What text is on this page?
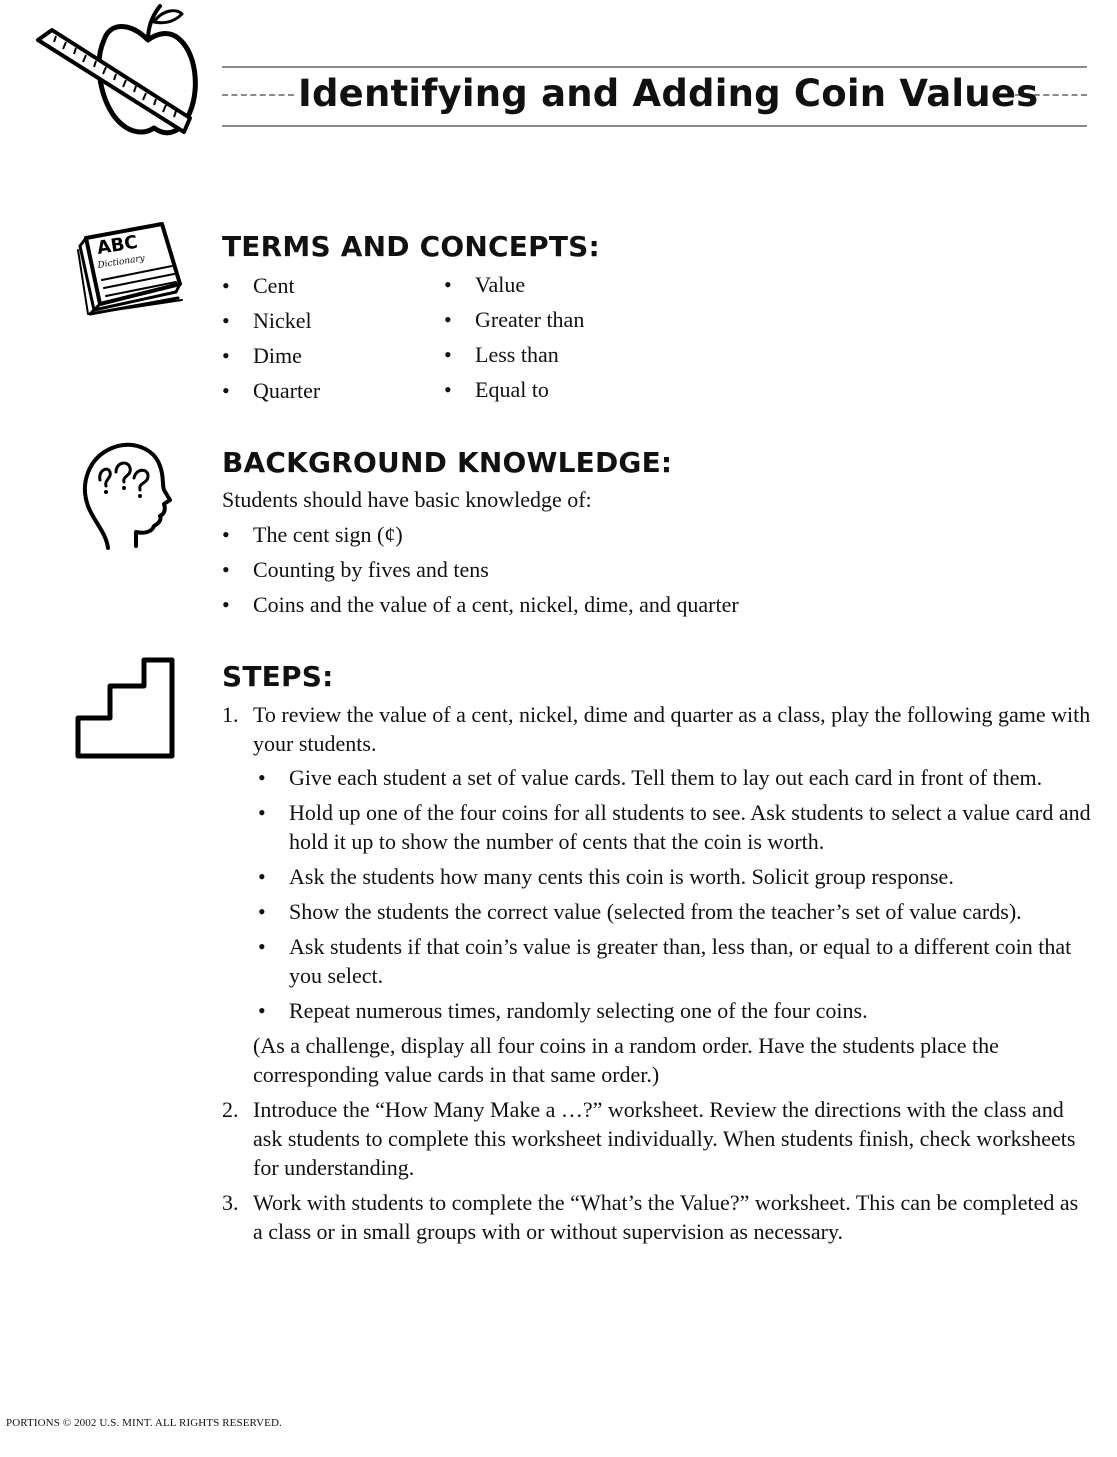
Identifying and Adding Coin Values
ABC
Dictionary	TERMS AND CONCEPTS:
• Cent
• Nickel
• Dime
• Quarter
• Value
• Greater than
• Less than
• Equal to
BACKGROUND KNOWLEDGE:
Students should have basic knowledge of:
• The cent sign (¢)
• Counting by fives and tens
• Coins and the value of a cent, nickel, dime, and quarter
STEPS:
1. To review the value of a cent, nickel, dime and quarter as a class, play the following game with your students.
• Give each student a set of value cards. Tell them to lay out each card in front of them.
• Hold up one of the four coins for all students to see. Ask students to select a value card and hold it up to show the number of cents that the coin is worth.
• Ask the students how many cents this coin is worth. Solicit group response.
• Show the students the correct value (selected from the teacher’s set of value cards).
• Ask students if that coin’s value is greater than, less than, or equal to a different coin that you select.
• Repeat numerous times, randomly selecting one of the four coins.
(As a challenge, display all four coins in a random order. Have the students place the corresponding value cards in that same order.)
2. Introduce the “How Many Make a …?” worksheet. Review the directions with the class and ask students to complete this worksheet individually. When students finish, check worksheets for understanding.
3. Work with students to complete the “What’s the Value?” worksheet. This can be completed as a class or in small groups with or without supervision as necessary.
PORTIONS © 2002 U.S. MINT. ALL RIGHTS RESERVED.
